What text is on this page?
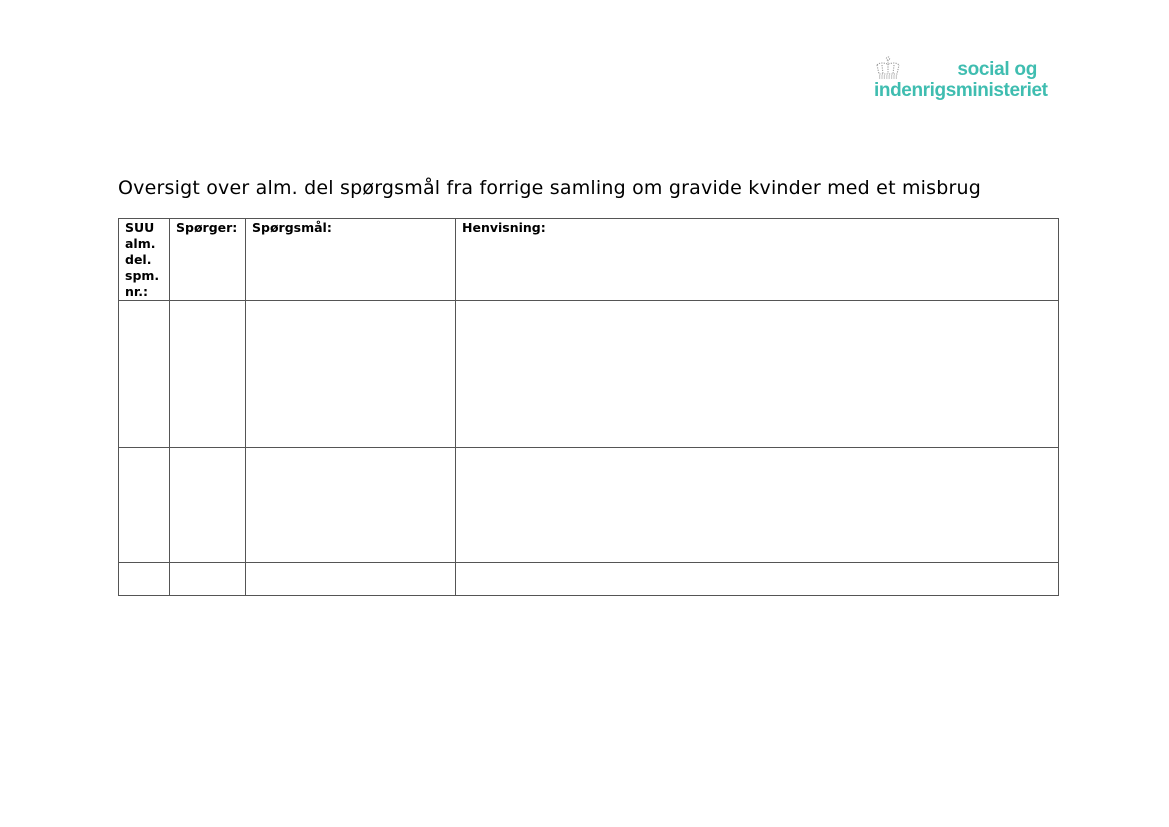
social og
indenrigsministeriet
Oversigt over alm. del spørgsmål fra forrige samling om gravide kvinder med et misbrug
SUU alm. del. spm. nr.:	Spørger:	Spørgsmål:	Henvisning:
